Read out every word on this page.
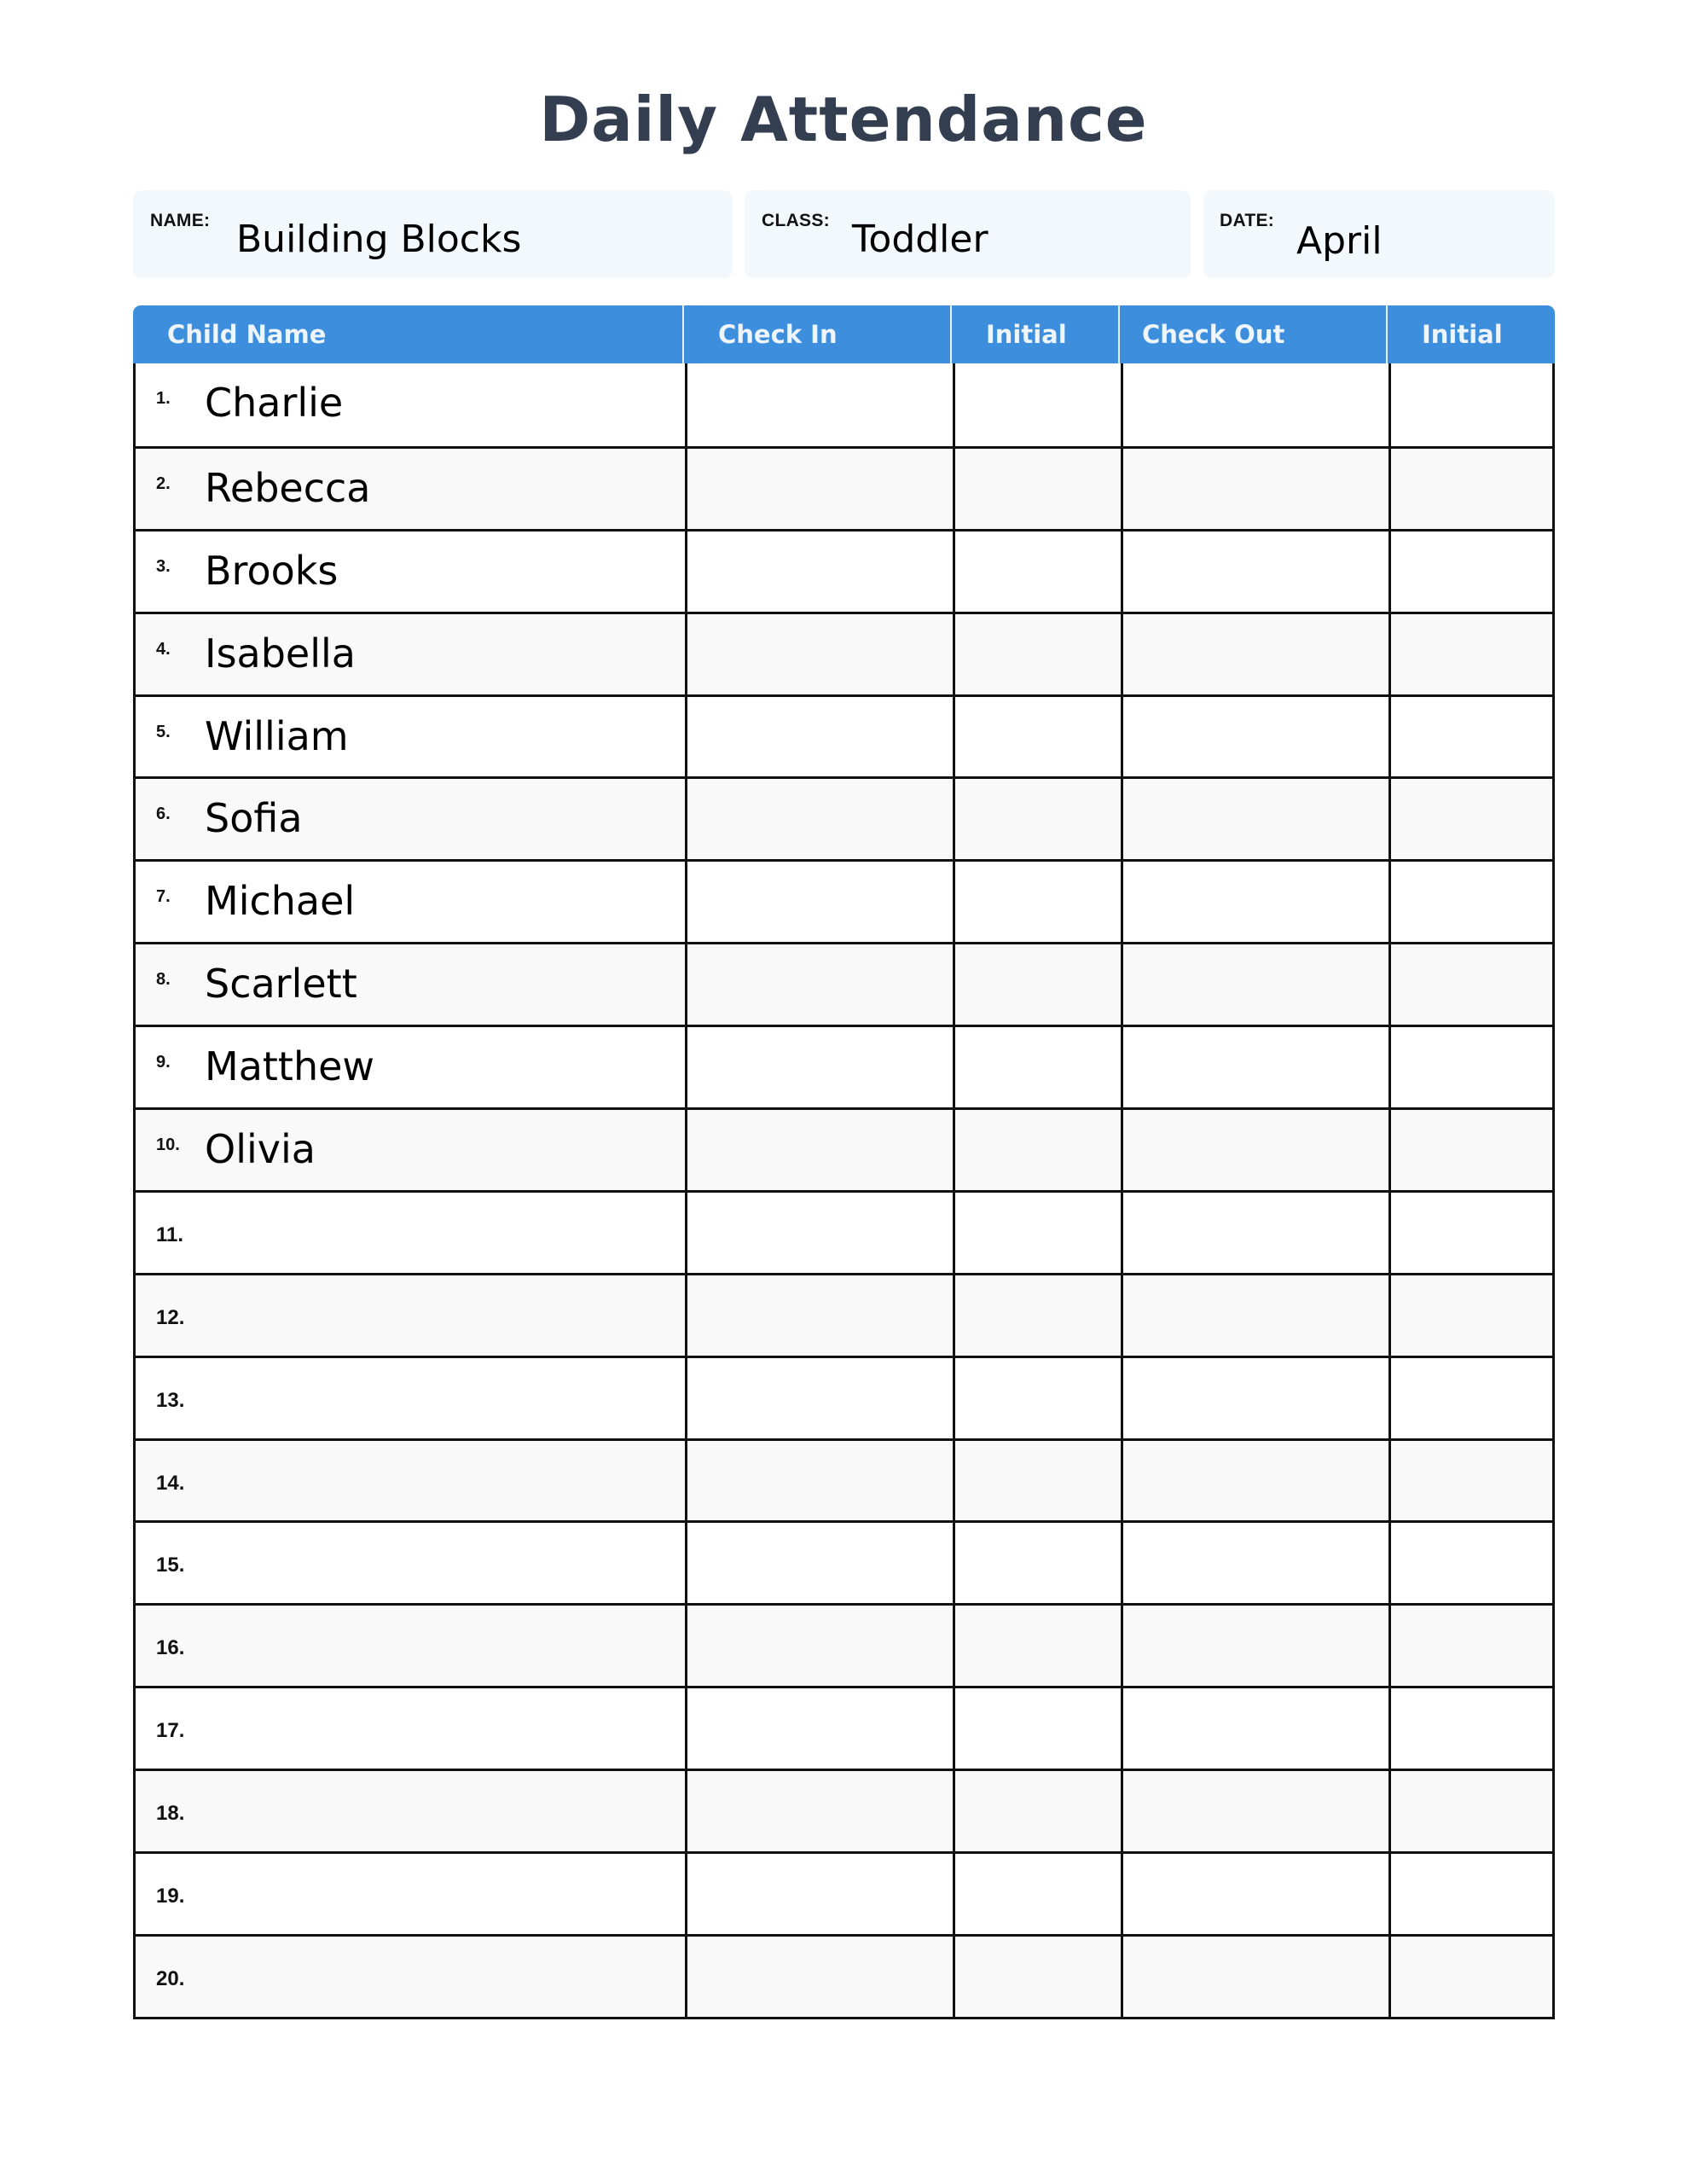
Daily Attendance
NAME: Building Blocks	CLASS: Toddler	DATE: April
Child Name	Check In	Initial	Check Out	Initial
1. Charlie
2. Rebecca
3. Brooks
4. Isabella
5. William
6. Sofia
7. Michael
8. Scarlett
9. Matthew
10. Olivia
11.
12.
13.
14.
15.
16.
17.
18.
19.
20.
